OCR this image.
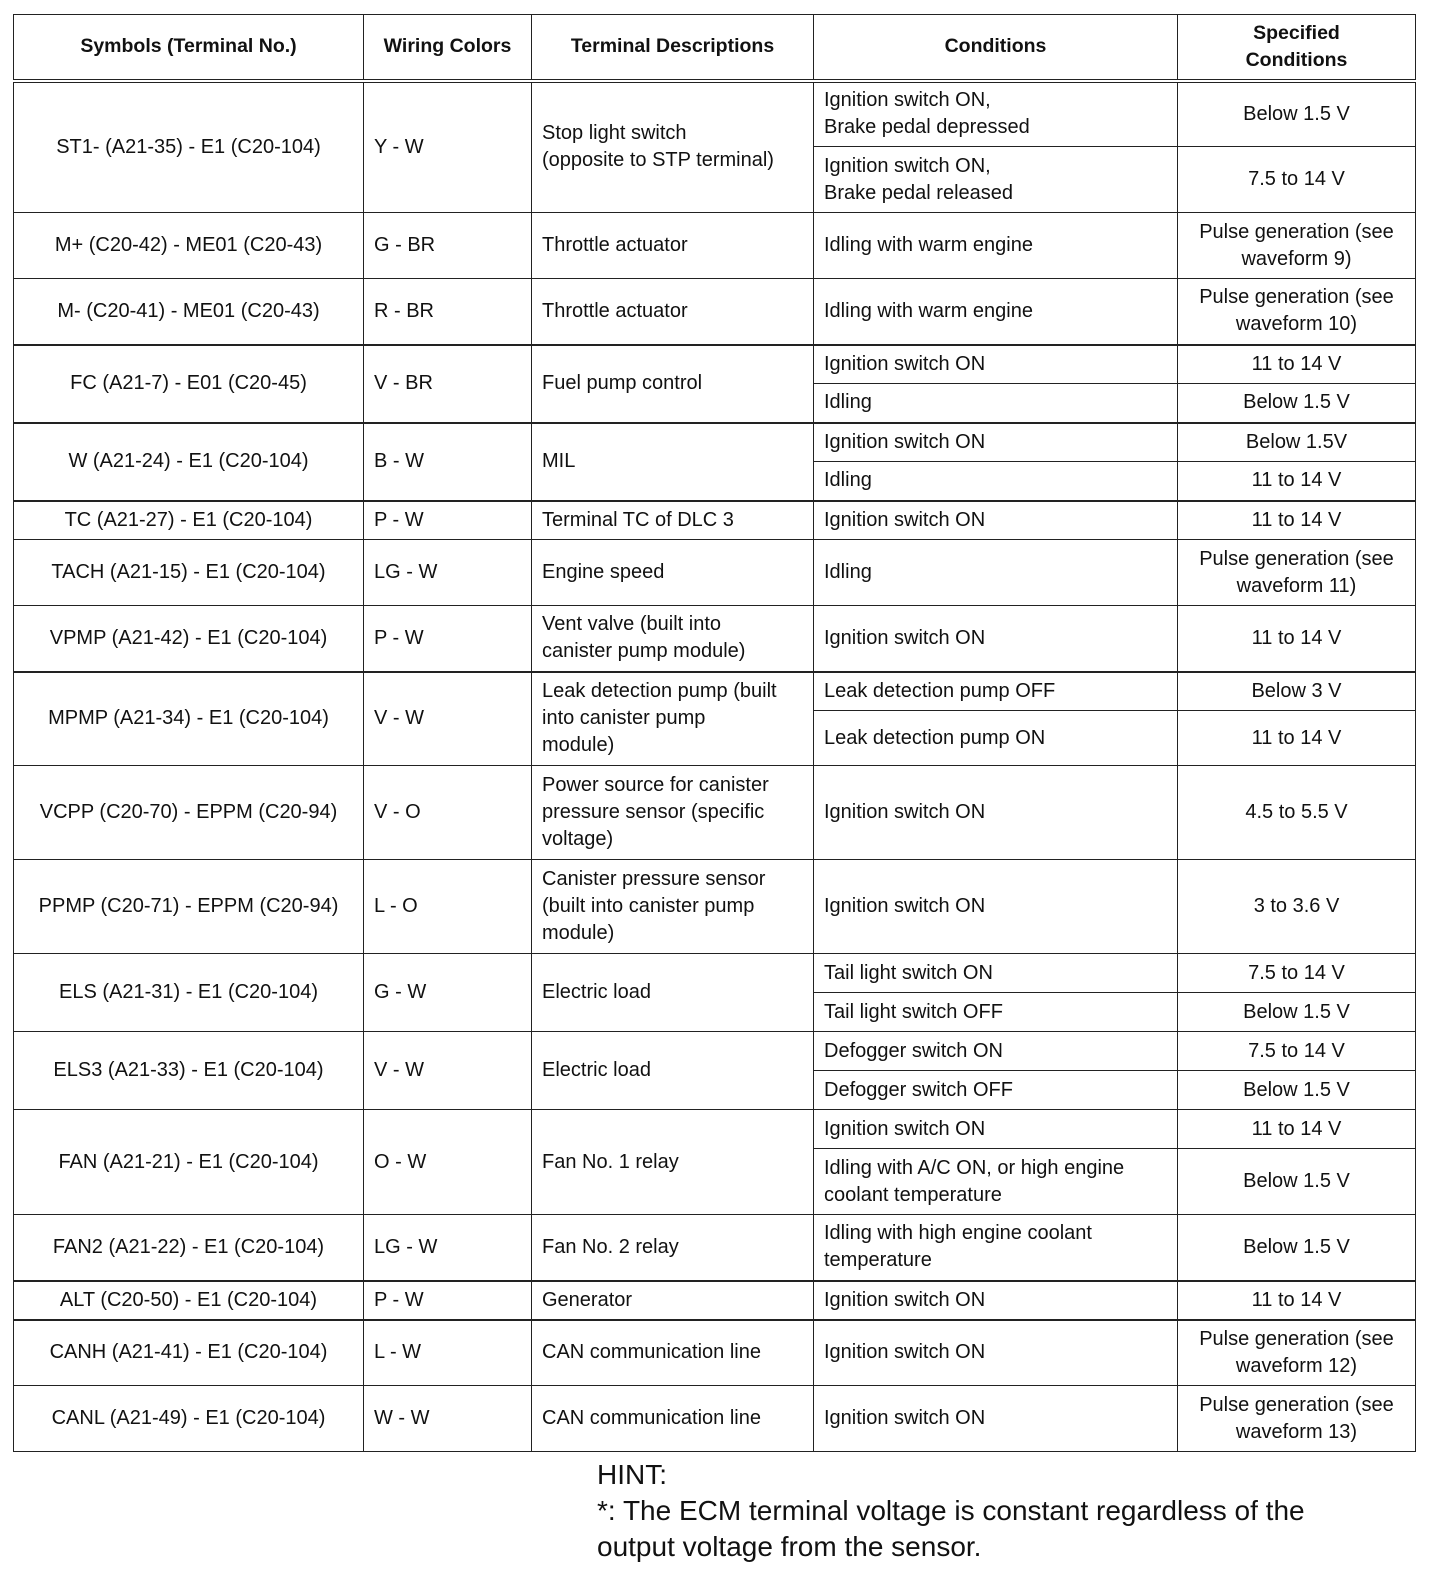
Symbols (Terminal No.)	Wiring Colors	Terminal Descriptions	Conditions	Specified
Conditions
ST1- (A21-35) - E1 (C20-104)	Y - W	Stop light switch
(opposite to STP terminal)	Ignition switch ON,
Brake pedal depressed	Below 1.5 V
			Ignition switch ON,
Brake pedal released	7.5 to 14 V
M+ (C20-42) - ME01 (C20-43)	G - BR	Throttle actuator	Idling with warm engine	Pulse generation (see
waveform 9)
M- (C20-41) - ME01 (C20-43)	R - BR	Throttle actuator	Idling with warm engine	Pulse generation (see
waveform 10)
FC (A21-7) - E01 (C20-45)	V - BR	Fuel pump control	Ignition switch ON	11 to 14 V
			Idling	Below 1.5 V
W (A21-24) - E1 (C20-104)	B - W	MIL	Ignition switch ON	Below 1.5V
			Idling	11 to 14 V
TC (A21-27) - E1 (C20-104)	P - W	Terminal TC of DLC 3	Ignition switch ON	11 to 14 V
TACH (A21-15) - E1 (C20-104)	LG - W	Engine speed	Idling	Pulse generation (see
waveform 11)
VPMP (A21-42) - E1 (C20-104)	P - W	Vent valve (built into
canister pump module)	Ignition switch ON	11 to 14 V
MPMP (A21-34) - E1 (C20-104)	V - W	Leak detection pump (built
into canister pump
module)	Leak detection pump OFF	Below 3 V
			Leak detection pump ON	11 to 14 V
VCPP (C20-70) - EPPM (C20-94)	V - O	Power source for canister
pressure sensor (specific
voltage)	Ignition switch ON	4.5 to 5.5 V
PPMP (C20-71) - EPPM (C20-94)	L - O	Canister pressure sensor
(built into canister pump
module)	Ignition switch ON	3 to 3.6 V
ELS (A21-31) - E1 (C20-104)	G - W	Electric load	Tail light switch ON	7.5 to 14 V
			Tail light switch OFF	Below 1.5 V
ELS3 (A21-33) - E1 (C20-104)	V - W	Electric load	Defogger switch ON	7.5 to 14 V
			Defogger switch OFF	Below 1.5 V
FAN (A21-21) - E1 (C20-104)	O - W	Fan No. 1 relay	Ignition switch ON	11 to 14 V
			Idling with A/C ON, or high engine
coolant temperature	Below 1.5 V
FAN2 (A21-22) - E1 (C20-104)	LG - W	Fan No. 2 relay	Idling with high engine coolant
temperature	Below 1.5 V
ALT (C20-50) - E1 (C20-104)	P - W	Generator	Ignition switch ON	11 to 14 V
CANH (A21-41) - E1 (C20-104)	L - W	CAN communication line	Ignition switch ON	Pulse generation (see
waveform 12)
CANL (A21-49) - E1 (C20-104)	W - W	CAN communication line	Ignition switch ON	Pulse generation (see
waveform 13)
HINT:
*: The ECM terminal voltage is constant regardless of the
output voltage from the sensor.
